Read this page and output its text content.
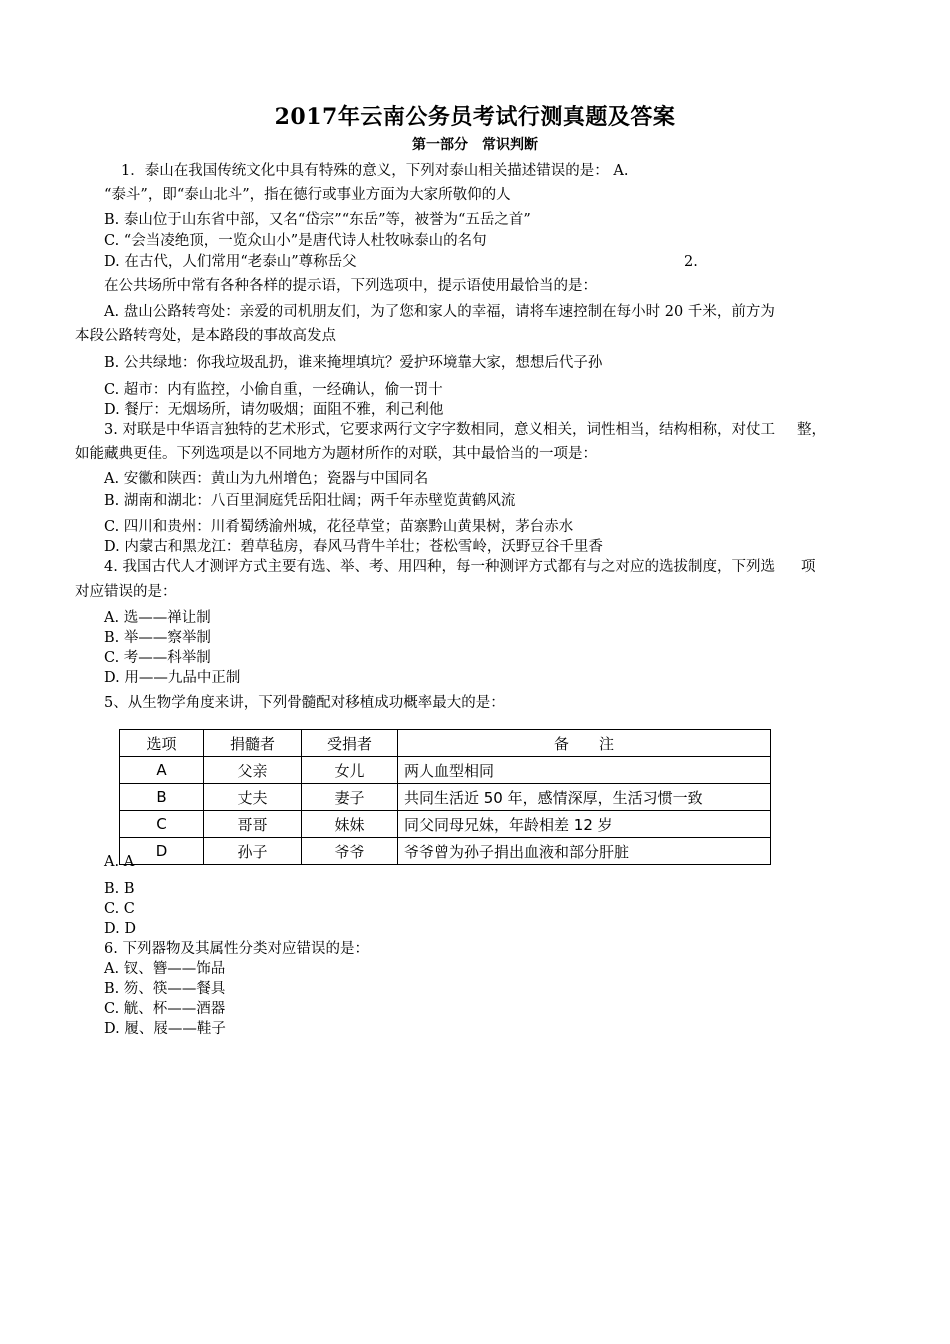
2017年云南公务员考试行测真题及答案
第一部分　常识判断
1．泰山在我国传统文化中具有特殊的意义，下列对泰山相关描述错误的是： A.
“泰斗”，即“泰山北斗”，指在德行或事业方面为大家所敬仰的人
B. 泰山位于山东省中部，又名“岱宗”“东岳”等，被誉为“五岳之首”
C. “会当凌绝顶，一览众山小”是唐代诗人杜牧咏泰山的名句
D. 在古代，人们常用“老泰山”尊称岳父	2.
在公共场所中常有各种各样的提示语，下列选项中，提示语使用最恰当的是：
A. 盘山公路转弯处：亲爱的司机朋友们，为了您和家人的幸福，请将车速控制在每小时 20 千米，前方为
本段公路转弯处，是本路段的事故高发点
B. 公共绿地：你我垃圾乱扔，谁来掩埋填坑？爱护环境靠大家，想想后代子孙
C. 超市：内有监控，小偷自重，一经确认，偷一罚十
D. 餐厅：无烟场所，请勿吸烟；面阻不雅，利己利他
3. 对联是中华语言独特的艺术形式，它要求两行文字字数相同，意义相关，词性相当，结构相称，对仗工 整，
如能藏典更佳。下列选项是以不同地方为题材所作的对联，其中最恰当的一项是：
A. 安徽和陕西：黄山为九州增色；瓷器与中国同名
B. 湖南和湖北：八百里洞庭凭岳阳壮阔；两千年赤壁览黄鹤风流
C. 四川和贵州：川肴蜀绣渝州城，花径草堂；苗寨黔山黄果树，茅台赤水
D. 内蒙古和黑龙江：碧草毡房，春风马背牛羊壮；苍松雪岭，沃野豆谷千里香
4. 我国古代人才测评方式主要有选、举、考、用四种，每一种测评方式都有与之对应的选拔制度，下列选 项
对应错误的是：
A. 选——禅让制
B. 举——察举制
C. 考——科举制
D. 用——九品中正制
5、从生物学角度来讲，下列骨髓配对移植成功概率最大的是：
选项	捐髓者	受捐者	备　　注
A	父亲	女儿	两人血型相同
B	丈夫	妻子	共同生活近 50 年，感情深厚，生活习惯一致
C	哥哥	妹妹	同父同母兄妹，年龄相差 12 岁
D	孙子	爷爷	爷爷曾为孙子捐出血液和部分肝脏
A. A
B. B
C. C
D. D
6. 下列器物及其属性分类对应错误的是：
A. 钗、簪——饰品
B. 笏、筷——餐具
C. 觥、杯——酒器
D. 履、屐——鞋子
